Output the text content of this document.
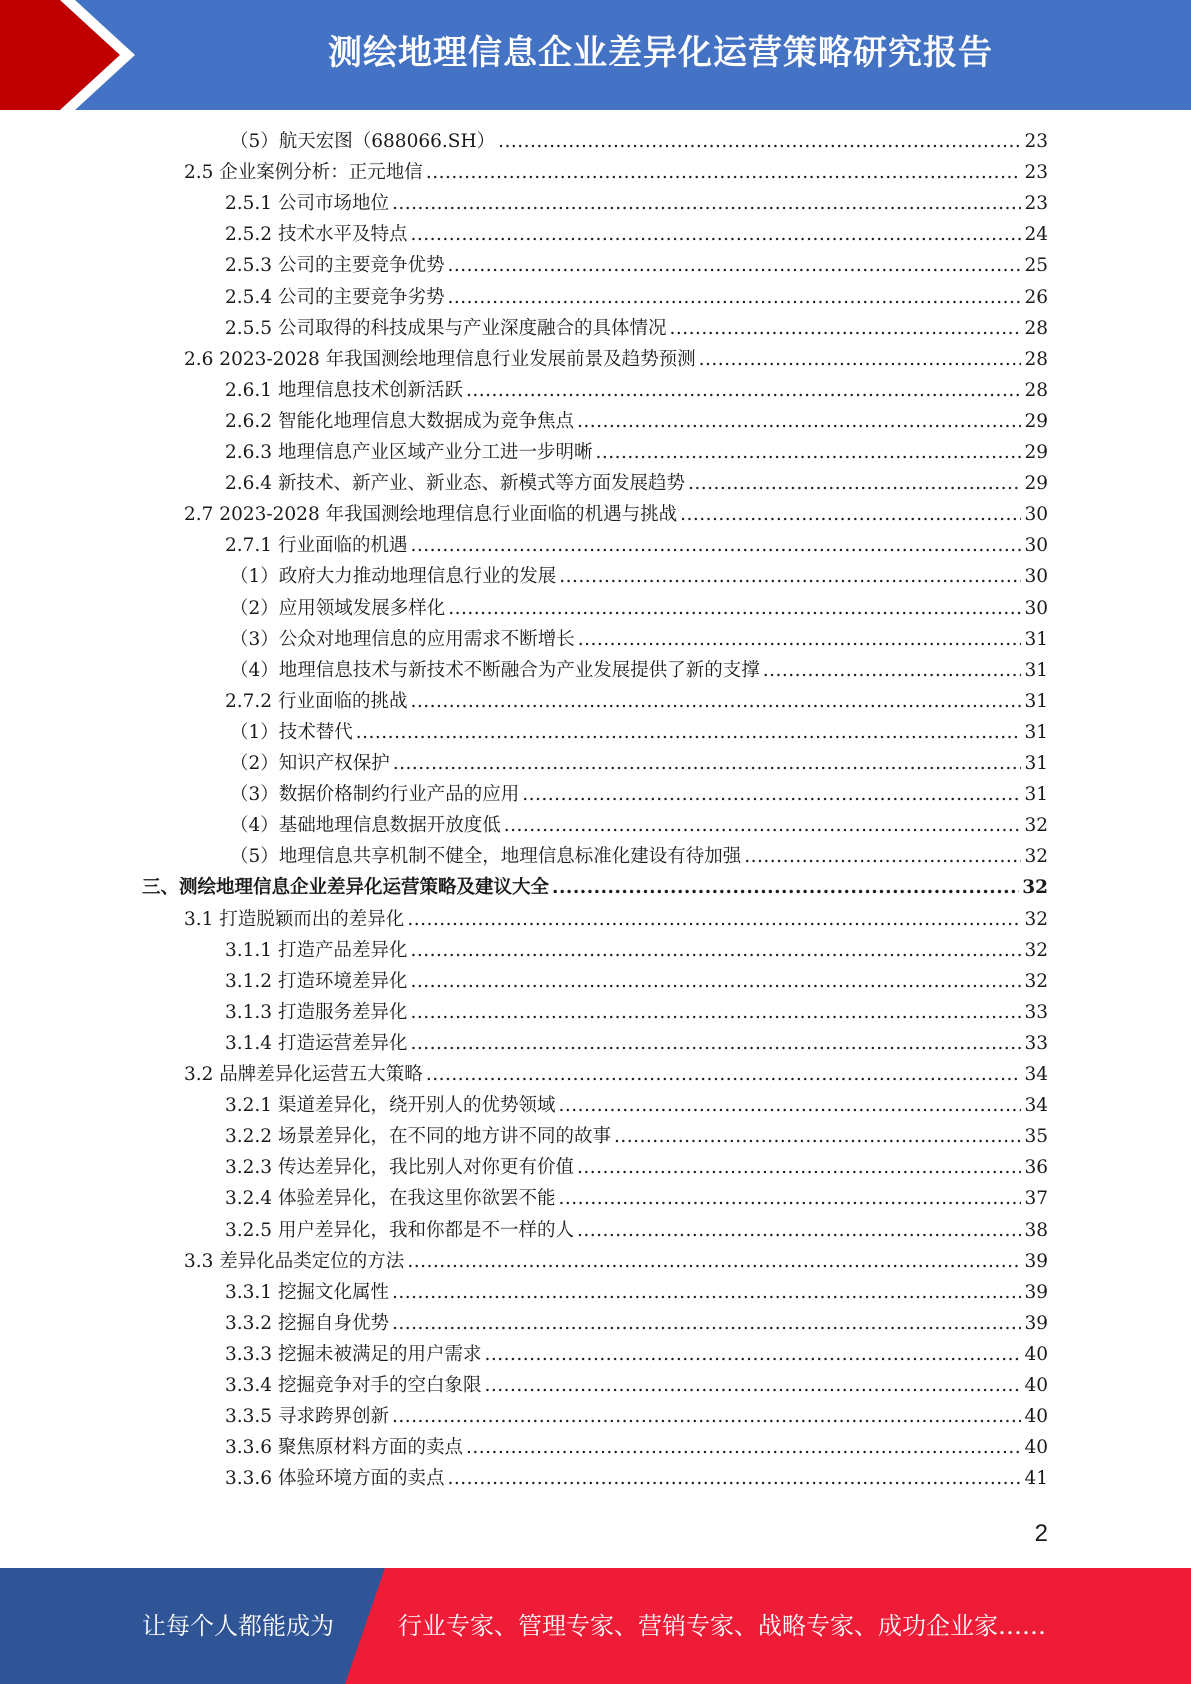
测绘地理信息企业差异化运营策略研究报告
（5）航天宏图（688066.SH） .....	23
2.5 企业案例分析：正元地信 .....	23
2.5.1 公司市场地位 .....	23
2.5.2 技术水平及特点 .....	24
2.5.3 公司的主要竞争优势 .....	25
2.5.4 公司的主要竞争劣势 .....	26
2.5.5 公司取得的科技成果与产业深度融合的具体情况 .....	28
2.6 2023-2028 年我国测绘地理信息行业发展前景及趋势预测 .....	28
2.6.1 地理信息技术创新活跃 .....	28
2.6.2 智能化地理信息大数据成为竞争焦点 .....	29
2.6.3 地理信息产业区域产业分工进一步明晰 .....	29
2.6.4 新技术、新产业、新业态、新模式等方面发展趋势 .....	29
2.7 2023-2028 年我国测绘地理信息行业面临的机遇与挑战 .....	30
2.7.1 行业面临的机遇 .....	30
（1）政府大力推动地理信息行业的发展 .....	30
（2）应用领域发展多样化 .....	30
（3）公众对地理信息的应用需求不断增长 .....	31
（4）地理信息技术与新技术不断融合为产业发展提供了新的支撑 .....	31
2.7.2 行业面临的挑战 .....	31
（1）技术替代 .....	31
（2）知识产权保护 .....	31
（3）数据价格制约行业产品的应用 .....	31
（4）基础地理信息数据开放度低 .....	32
（5）地理信息共享机制不健全，地理信息标准化建设有待加强 .....	32
三、测绘地理信息企业差异化运营策略及建议大全 .....	32
3.1 打造脱颖而出的差异化 .....	32
3.1.1 打造产品差异化 .....	32
3.1.2 打造环境差异化 .....	32
3.1.3 打造服务差异化 .....	33
3.1.4 打造运营差异化 .....	33
3.2 品牌差异化运营五大策略 .....	34
3.2.1 渠道差异化，绕开别人的优势领域 .....	34
3.2.2 场景差异化，在不同的地方讲不同的故事 .....	35
3.2.3 传达差异化，我比别人对你更有价值 .....	36
3.2.4 体验差异化，在我这里你欲罢不能 .....	37
3.2.5 用户差异化，我和你都是不一样的人 .....	38
3.3 差异化品类定位的方法 .....	39
3.3.1 挖掘文化属性 .....	39
3.3.2 挖掘自身优势 .....	39
3.3.3 挖掘未被满足的用户需求 .....	40
3.3.4 挖掘竞争对手的空白象限 .....	40
3.3.5 寻求跨界创新 .....	40
3.3.6 聚焦原材料方面的卖点 .....	40
3.3.6 体验环境方面的卖点 .....	41
2
让每个人都能成为	行业专家、管理专家、营销专家、战略专家、成功企业家……
